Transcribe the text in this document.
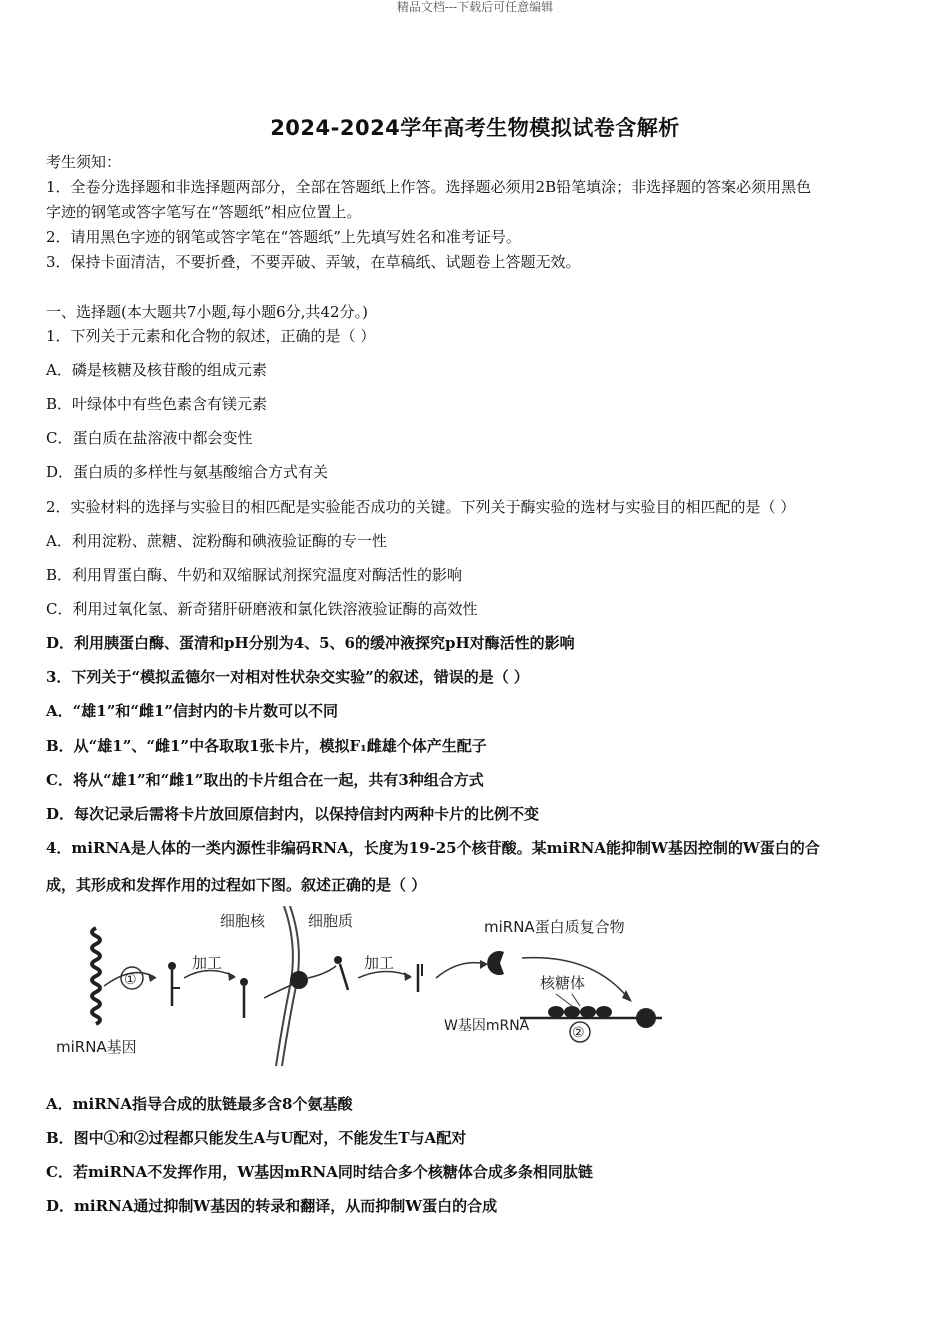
精品文档---下载后可任意编辑
2024-2024学年高考生物模拟试卷含解析
考生须知：
1．全卷分选择题和非选择题两部分，全部在答题纸上作答。选择题必须用2B铅笔填涂；非选择题的答案必须用黑色
字迹的钢笔或答字笔写在“答题纸”相应位置上。
2．请用黑色字迹的钢笔或答字笔在“答题纸”上先填写姓名和准考证号。
3．保持卡面清洁，不要折叠，不要弄破、弄皱，在草稿纸、试题卷上答题无效。
一、选择题(本大题共7小题,每小题6分,共42分。)
1．下列关于元素和化合物的叙述，正确的是（ ）
A．磷是核糖及核苷酸的组成元素
B．叶绿体中有些色素含有镁元素
C．蛋白质在盐溶液中都会变性
D．蛋白质的多样性与氨基酸缩合方式有关
2．实验材料的选择与实验目的相匹配是实验能否成功的关键。下列关于酶实验的选材与实验目的相匹配的是（ ）
A．利用淀粉、蔗糖、淀粉酶和碘液验证酶的专一性
B．利用胃蛋白酶、牛奶和双缩脲试剂探究温度对酶活性的影响
C．利用过氧化氢、新奇猪肝研磨液和氯化铁溶液验证酶的高效性
D．利用胰蛋白酶、蛋清和pH分别为4、5、6的缓冲液探究pH对酶活性的影响
3．下列关于“模拟孟德尔一对相对性状杂交实验”的叙述，错误的是（ ）
A．“雄1”和“雌1”信封内的卡片数可以不同
B．从“雄1”、“雌1”中各取取1张卡片，模拟F₁雌雄个体产生配子
C．将从“雄1”和“雌1”取出的卡片组合在一起，共有3种组合方式
D．每次记录后需将卡片放回原信封内，以保持信封内两种卡片的比例不变
4．miRNA是人体的一类内源性非编码RNA，长度为19-25个核苷酸。某miRNA能抑制W基因控制的W蛋白的合
成，其形成和发挥作用的过程如下图。叙述正确的是（ ）
①
加工
细胞核	细胞质
加工
miRNA蛋白质复合物
核糖体
②
W基因mRNA
miRNA基因
A．miRNA指导合成的肽链最多含8个氨基酸
B．图中①和②过程都只能发生A与U配对，不能发生T与A配对
C．若miRNA不发挥作用，W基因mRNA同时结合多个核糖体合成多条相同肽链
D．miRNA通过抑制W基因的转录和翻译，从而抑制W蛋白的合成
